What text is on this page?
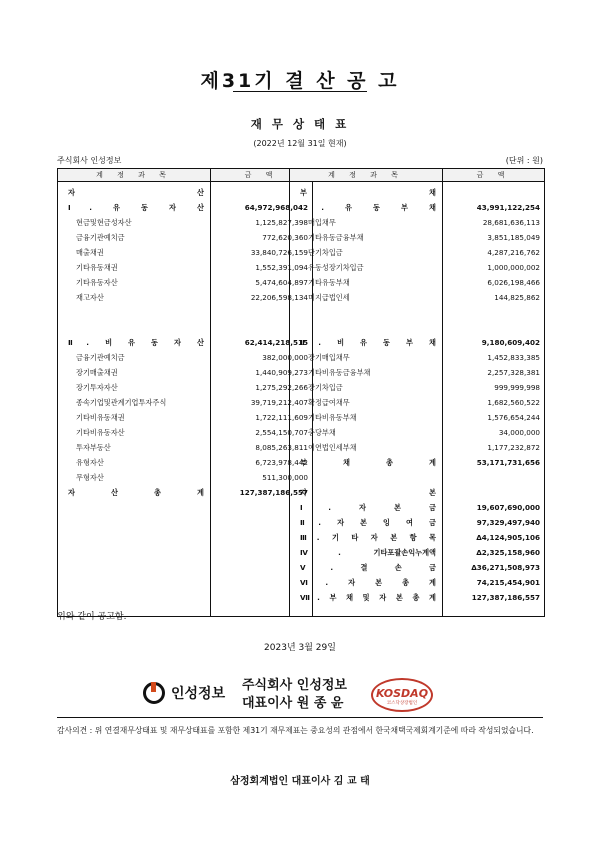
제31기 결 산 공 고
재 무 상 태 표
(2022년 12월 31일 현재)
주식회사 인성정보	(단위 : 원)
계 정 과 목	금 액
자 산
Ⅰ. 유 동 자 산	64,972,968,042
현금및현금성자산	1,125,827,398
금융기관예치금	772,620,360
매출채권	33,840,726,159
기타유동채권	1,552,391,094
기타유동자산	5,474,604,897
재고자산	22,206,598,134
Ⅱ. 비 유 동 자 산	62,414,218,515
금융기관예치금	382,000,000
장기매출채권	1,440,909,273
장기투자자산	1,275,292,266
종속기업및관계기업투자주식	39,719,212,407
기타비유동채권	1,722,111,609
기타비유동자산	2,554,150,707
투자부동산	8,085,263,811
유형자산	6,723,978,442
무형자산	511,300,000
자 산 총 계	127,387,186,557
계 정 과 목	금 액
부 채
Ⅰ. 유 동 부 채	43,991,122,254
매입채무	28,681,636,113
기타유동금융부채	3,851,185,049
단기차입금	4,287,216,762
유동성장기차입금	1,000,000,002
기타유동부채	6,026,198,466
미지급법인세	144,825,862
Ⅱ. 비 유 동 부 채	9,180,609,402
장기매입채무	1,452,833,385
기타비유동금융부채	2,257,328,381
장기차입금	999,999,998
확정급여채무	1,682,560,522
기타비유동부채	1,576,654,244
충당부채	34,000,000
이연법인세부채	1,177,232,872
부 채 총 계	53,171,731,656
자 본
Ⅰ. 자 본 금	19,607,690,000
Ⅱ. 자 본 잉 여 금	97,329,497,940
Ⅲ. 기 타 자 본 항 목	Δ4,124,905,106
Ⅳ. 기타포괄손익누계액	Δ2,325,158,960
Ⅴ. 결 손 금	Δ36,271,508,973
Ⅵ. 자 본 총 계	74,215,454,901
Ⅶ. 부 채 및 자 본 총 계	127,387,186,557
위와 같이 공고함.
2023년 3월 29일
인성정보
주식회사 인성정보
대표이사 원 종 윤
KOSDAQ
코스닥상장법인
감사의견 : 위 연결재무상태표 및 재무상태표를 포함한 제31기 재무제표는 중요성의 관점에서 한국채택국제회계기준에 따라 작성되었습니다.
삼정회계법인 대표이사 김 교 태
